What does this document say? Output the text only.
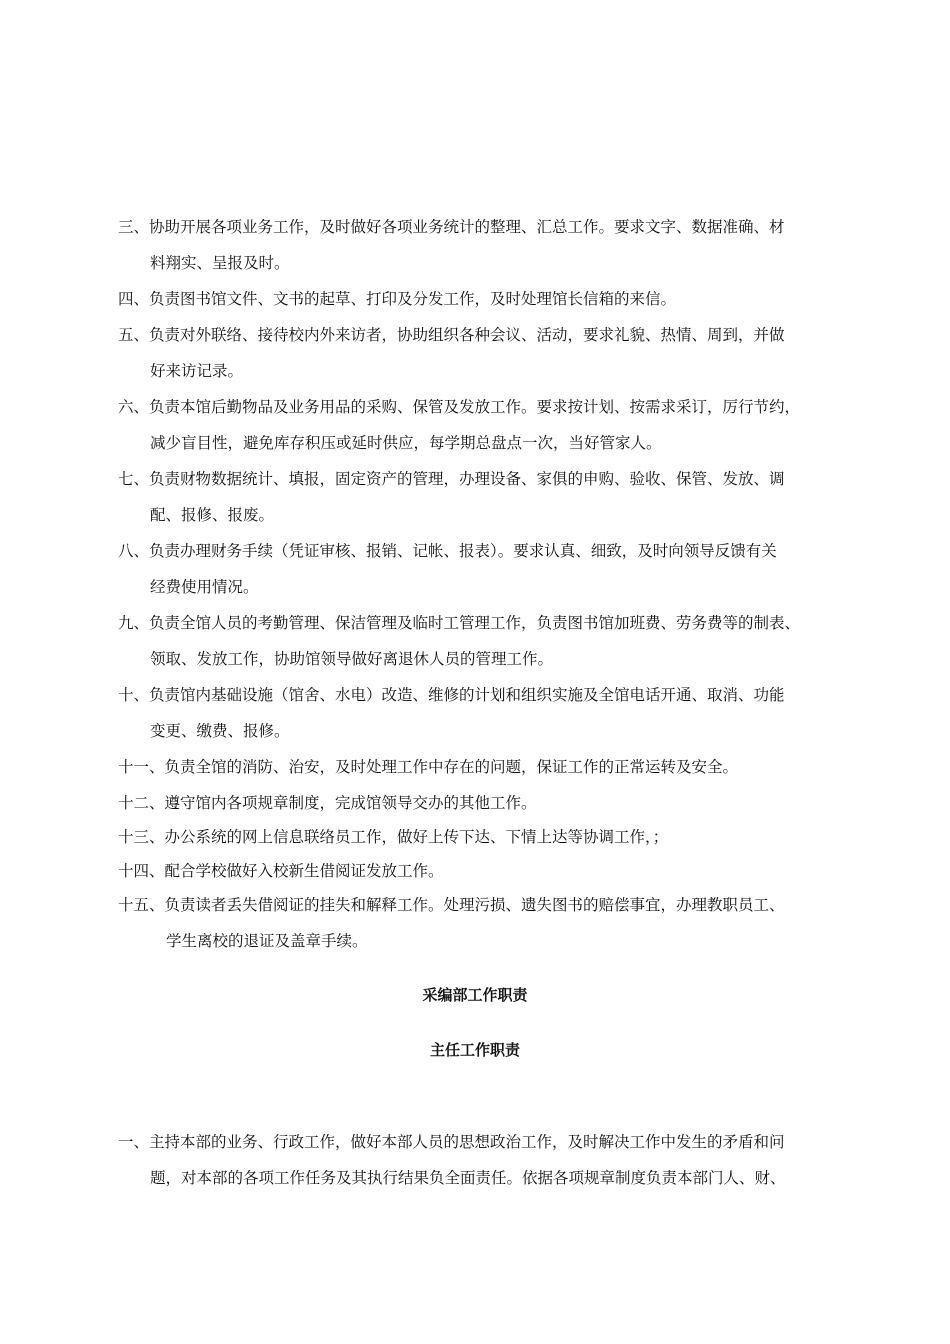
三、协助开展各项业务工作，及时做好各项业务统计的整理、汇总工作。要求文字、数据准确、材
料翔实、呈报及时。
四、负责图书馆文件、文书的起草、打印及分发工作，及时处理馆长信箱的来信。
五、负责对外联络、接待校内外来访者，协助组织各种会议、活动，要求礼貌、热情、周到，并做
好来访记录。
六、负责本馆后勤物品及业务用品的采购、保管及发放工作。要求按计划、按需求采订，厉行节约，
减少盲目性，避免库存积压或延时供应，每学期总盘点一次，当好管家人。
七、负责财物数据统计、填报，固定资产的管理，办理设备、家俱的申购、验收、保管、发放、调
配、报修、报废。
八、负责办理财务手续（凭证审核、报销、记帐、报表）。要求认真、细致，及时向领导反馈有关
经费使用情况。
九、负责全馆人员的考勤管理、保洁管理及临时工管理工作，负责图书馆加班费、劳务费等的制表、
领取、发放工作，协助馆领导做好离退休人员的管理工作。
十、负责馆内基础设施（馆舍、水电）改造、维修的计划和组织实施及全馆电话开通、取消、功能
变更、缴费、报修。
十一、负责全馆的消防、治安，及时处理工作中存在的问题，保证工作的正常运转及安全。
十二、遵守馆内各项规章制度，完成馆领导交办的其他工作。
十三、办公系统的网上信息联络员工作，做好上传下达、下情上达等协调工作，；
十四、配合学校做好入校新生借阅证发放工作。
十五、负责读者丢失借阅证的挂失和解释工作。处理污损、遗失图书的赔偿事宜，办理教职员工、
学生离校的退证及盖章手续。
采编部工作职责
主任工作职责
一、主持本部的业务、行政工作，做好本部人员的思想政治工作，及时解决工作中发生的矛盾和问
题，对本部的各项工作任务及其执行结果负全面责任。依据各项规章制度负责本部门人、财、
